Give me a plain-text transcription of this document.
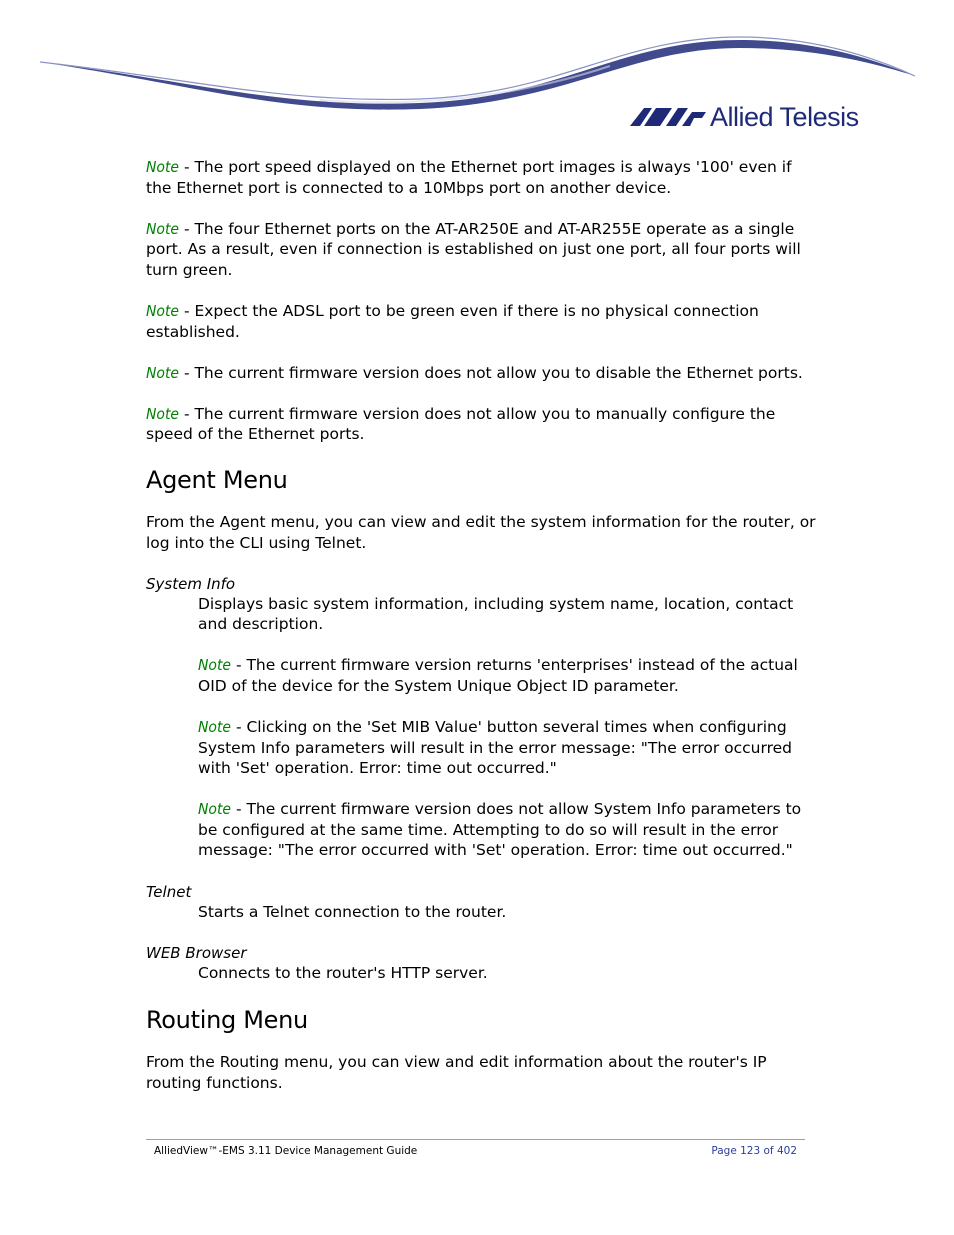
Allied Telesis

Note - The port speed displayed on the Ethernet port images is always '100' even if the Ethernet port is connected to a 10Mbps port on another device.

Note - The four Ethernet ports on the AT-AR250E and AT-AR255E operate as a single port. As a result, even if connection is established on just one port, all four ports will turn green.

Note - Expect the ADSL port to be green even if there is no physical connection established.

Note - The current firmware version does not allow you to disable the Ethernet ports.

Note - The current firmware version does not allow you to manually configure the speed of the Ethernet ports.

Agent Menu

From the Agent menu, you can view and edit the system information for the router, or log into the CLI using Telnet.

System Info

Displays basic system information, including system name, location, contact and description.

Note - The current firmware version returns 'enterprises' instead of the actual OID of the device for the System Unique Object ID parameter.

Note - Clicking on the 'Set MIB Value' button several times when configuring System Info parameters will result in the error message: "The error occurred with 'Set' operation. Error: time out occurred."

Note - The current firmware version does not allow System Info parameters to be configured at the same time. Attempting to do so will result in the error message: "The error occurred with 'Set' operation. Error: time out occurred."

Telnet

Starts a Telnet connection to the router.

WEB Browser

Connects to the router's HTTP server.

Routing Menu

From the Routing menu, you can view and edit information about the router's IP routing functions.

AlliedView™-EMS 3.11 Device Management Guide	Page 123 of 402
